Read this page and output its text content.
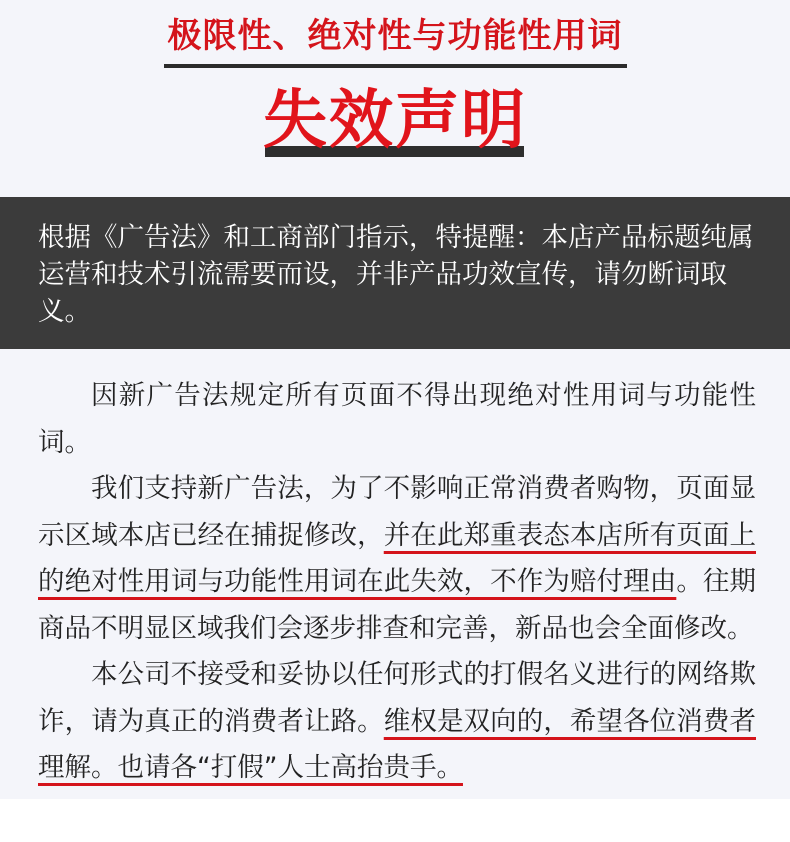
极限性、绝对性与功能性用词
失效声明
根据《广告法》和工商部门指示，特提醒：本店产品标题纯属运营和技术引流需要而设，并非产品功效宣传，请勿断词取义。

因新广告法规定所有页面不得出现绝对性用词与功能性词。

我们支持新广告法，为了不影响正常消费者购物，页面显示区域本店已经在捕捉修改，并在此郑重表态本店所有页面上的绝对性用词与功能性用词在此失效，不作为赔付理由。往期商品不明显区域我们会逐步排查和完善，新品也会全面修改。

本公司不接受和妥协以任何形式的打假名义进行的网络欺诈，请为真正的消费者让路。维权是双向的，希望各位消费者理解。也请各“打假”人士高抬贵手。
